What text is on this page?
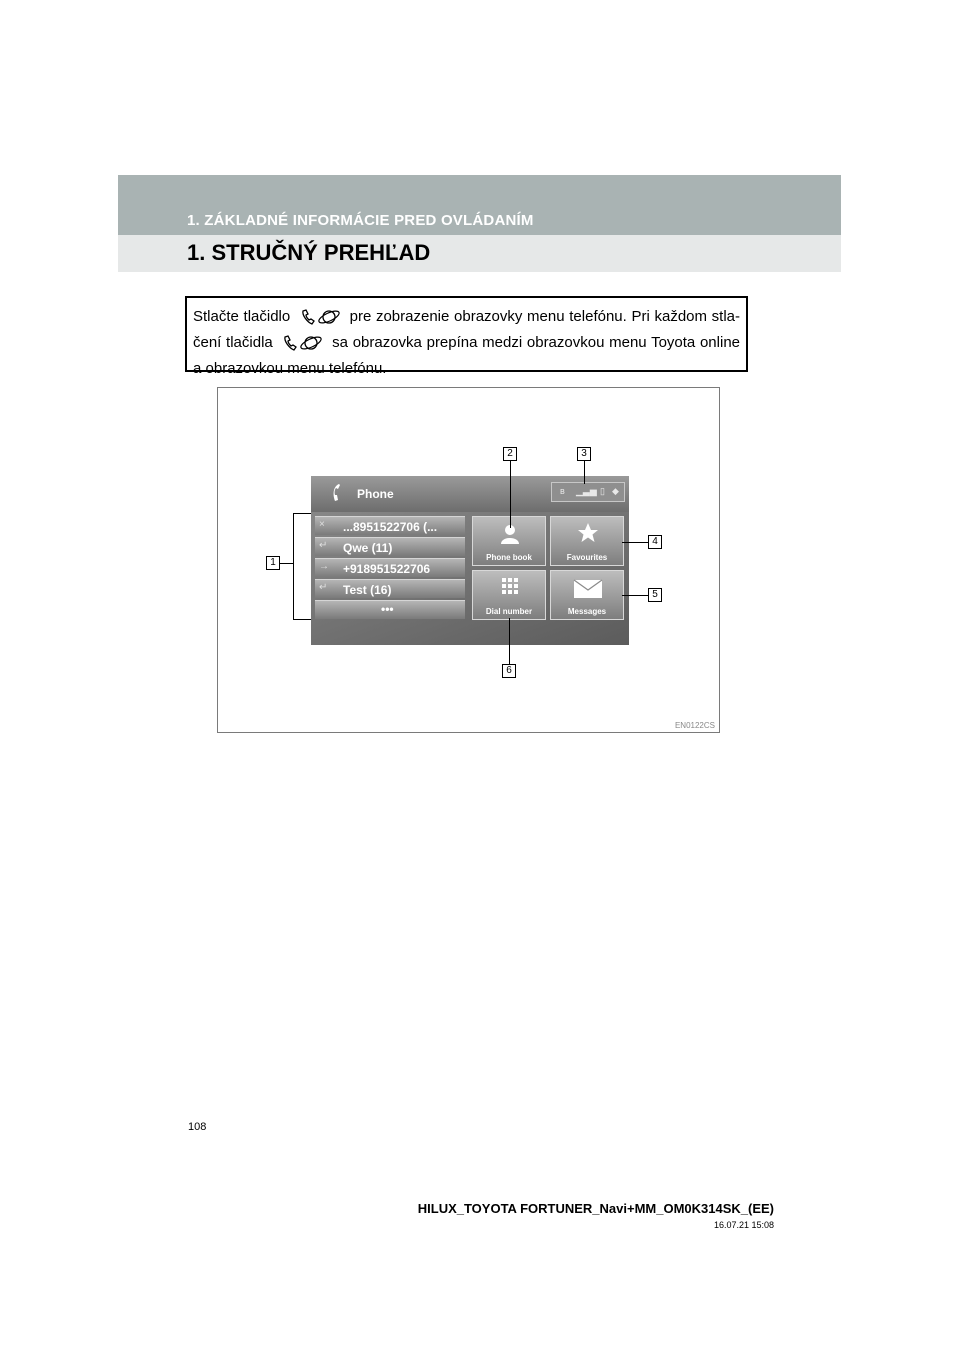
1. ZÁKLADNÉ INFORMÁCIE PRED OVLÁDANÍM
1. STRUČNÝ PREHĽAD
Stlačte tlačidlo	pre zobrazenie obrazovky menu telefónu. Pri každom stla-čení tlačidla	sa obrazovka prepína medzi obrazovkou menu Toyota online a obrazovkou menu telefónu.
Phone	ʙ ▁▃▅ ▯ ◆
× ...8951522706 (...
↵ Qwe (11)
→ +918951522706
↵ Test (16)
•••
Phone book	Favourites
Dial number	Messages
1
2	3
4
5
6
EN0122CS
108
HILUX_TOYOTA FORTUNER_Navi+MM_OM0K314SK_(EE)
16.07.21 15:08
